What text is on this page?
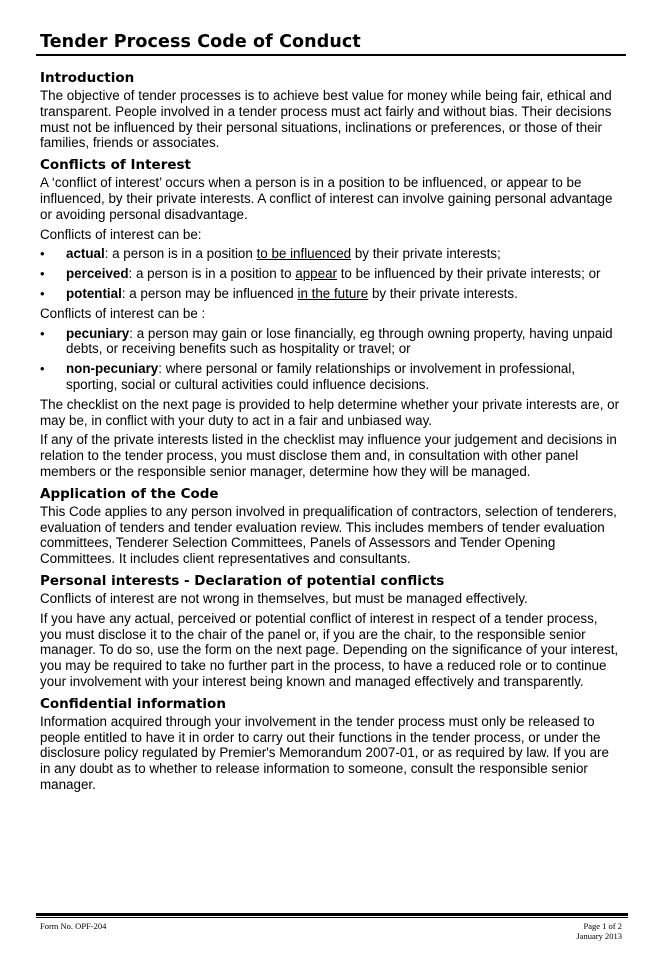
Tender Process Code of Conduct
Introduction

The objective of tender processes is to achieve best value for money while being fair, ethical and transparent. People involved in a tender process must act fairly and without bias. Their decisions must not be influenced by their personal situations, inclinations or preferences, or those of their families, friends or associates.

Conflicts of Interest

A ‘conflict of interest’ occurs when a person is in a position to be influenced, or appear to be influenced, by their private interests. A conflict of interest can involve gaining personal advantage or avoiding personal disadvantage.

Conflicts of interest can be:

• actual: a person is in a position to be influenced by their private interests;
• perceived: a person is in a position to appear to be influenced by their private interests; or
• potential: a person may be influenced in the future by their private interests.

Conflicts of interest can be :

• pecuniary: a person may gain or lose financially, eg through owning property, having unpaid debts, or receiving benefits such as hospitality or travel; or
• non-pecuniary: where personal or family relationships or involvement in professional, sporting, social or cultural activities could influence decisions.

The checklist on the next page is provided to help determine whether your private interests are, or may be, in conflict with your duty to act in a fair and unbiased way.

If any of the private interests listed in the checklist may influence your judgement and decisions in relation to the tender process, you must disclose them and, in consultation with other panel members or the responsible senior manager, determine how they will be managed.

Application of the Code

This Code applies to any person involved in prequalification of contractors, selection of tenderers, evaluation of tenders and tender evaluation review. This includes members of tender evaluation committees, Tenderer Selection Committees, Panels of Assessors and Tender Opening Committees. It includes client representatives and consultants.

Personal interests - Declaration of potential conflicts

Conflicts of interest are not wrong in themselves, but must be managed effectively.

If you have any actual, perceived or potential conflict of interest in respect of a tender process, you must disclose it to the chair of the panel or, if you are the chair, to the responsible senior manager. To do so, use the form on the next page. Depending on the significance of your interest, you may be required to take no further part in the process, to have a reduced role or to continue your involvement with your interest being known and managed effectively and transparently.

Confidential information

Information acquired through your involvement in the tender process must only be released to people entitled to have it in order to carry out their functions in the tender process, or under the disclosure policy regulated by Premier's Memorandum 2007-01, or as required by law. If you are in any doubt as to whether to release information to someone, consult the responsible senior manager.

Form No. OPF-204	Page 1 of 2
January 2013
